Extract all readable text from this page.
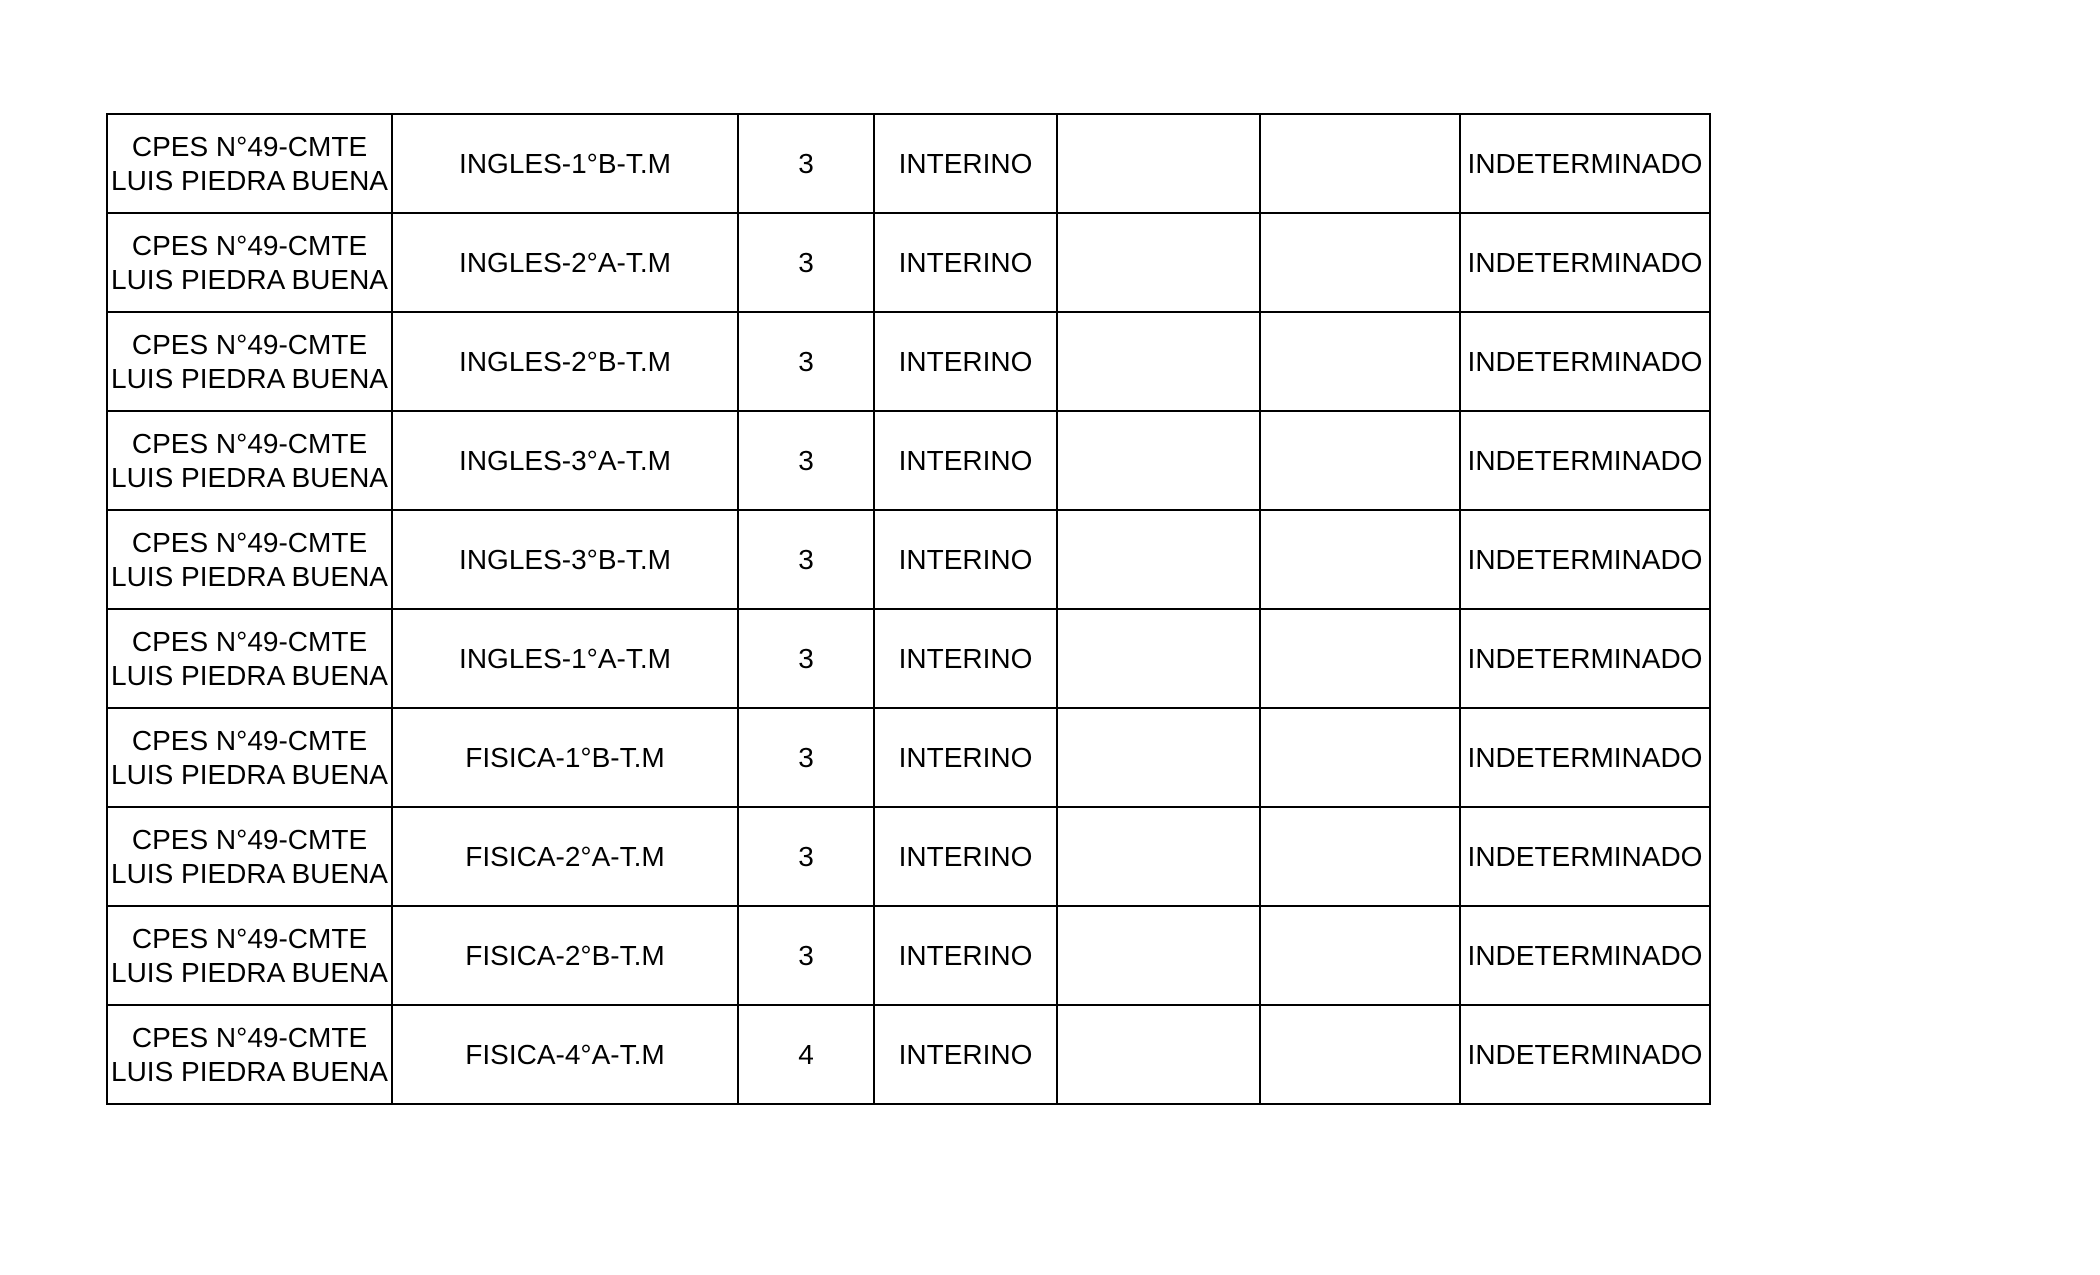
CPES N°49-CMTE
LUIS PIEDRA BUENA	INGLES-1°B-T.M	3	INTERINO			INDETERMINADO

CPES N°49-CMTE
LUIS PIEDRA BUENA	INGLES-2°A-T.M	3	INTERINO			INDETERMINADO

CPES N°49-CMTE
LUIS PIEDRA BUENA	INGLES-2°B-T.M	3	INTERINO			INDETERMINADO

CPES N°49-CMTE
LUIS PIEDRA BUENA	INGLES-3°A-T.M	3	INTERINO			INDETERMINADO

CPES N°49-CMTE
LUIS PIEDRA BUENA	INGLES-3°B-T.M	3	INTERINO			INDETERMINADO

CPES N°49-CMTE
LUIS PIEDRA BUENA	INGLES-1°A-T.M	3	INTERINO			INDETERMINADO

CPES N°49-CMTE
LUIS PIEDRA BUENA	FISICA-1°B-T.M	3	INTERINO			INDETERMINADO

CPES N°49-CMTE
LUIS PIEDRA BUENA	FISICA-2°A-T.M	3	INTERINO			INDETERMINADO

CPES N°49-CMTE
LUIS PIEDRA BUENA	FISICA-2°B-T.M	3	INTERINO			INDETERMINADO

CPES N°49-CMTE
LUIS PIEDRA BUENA	FISICA-4°A-T.M	4	INTERINO			INDETERMINADO
